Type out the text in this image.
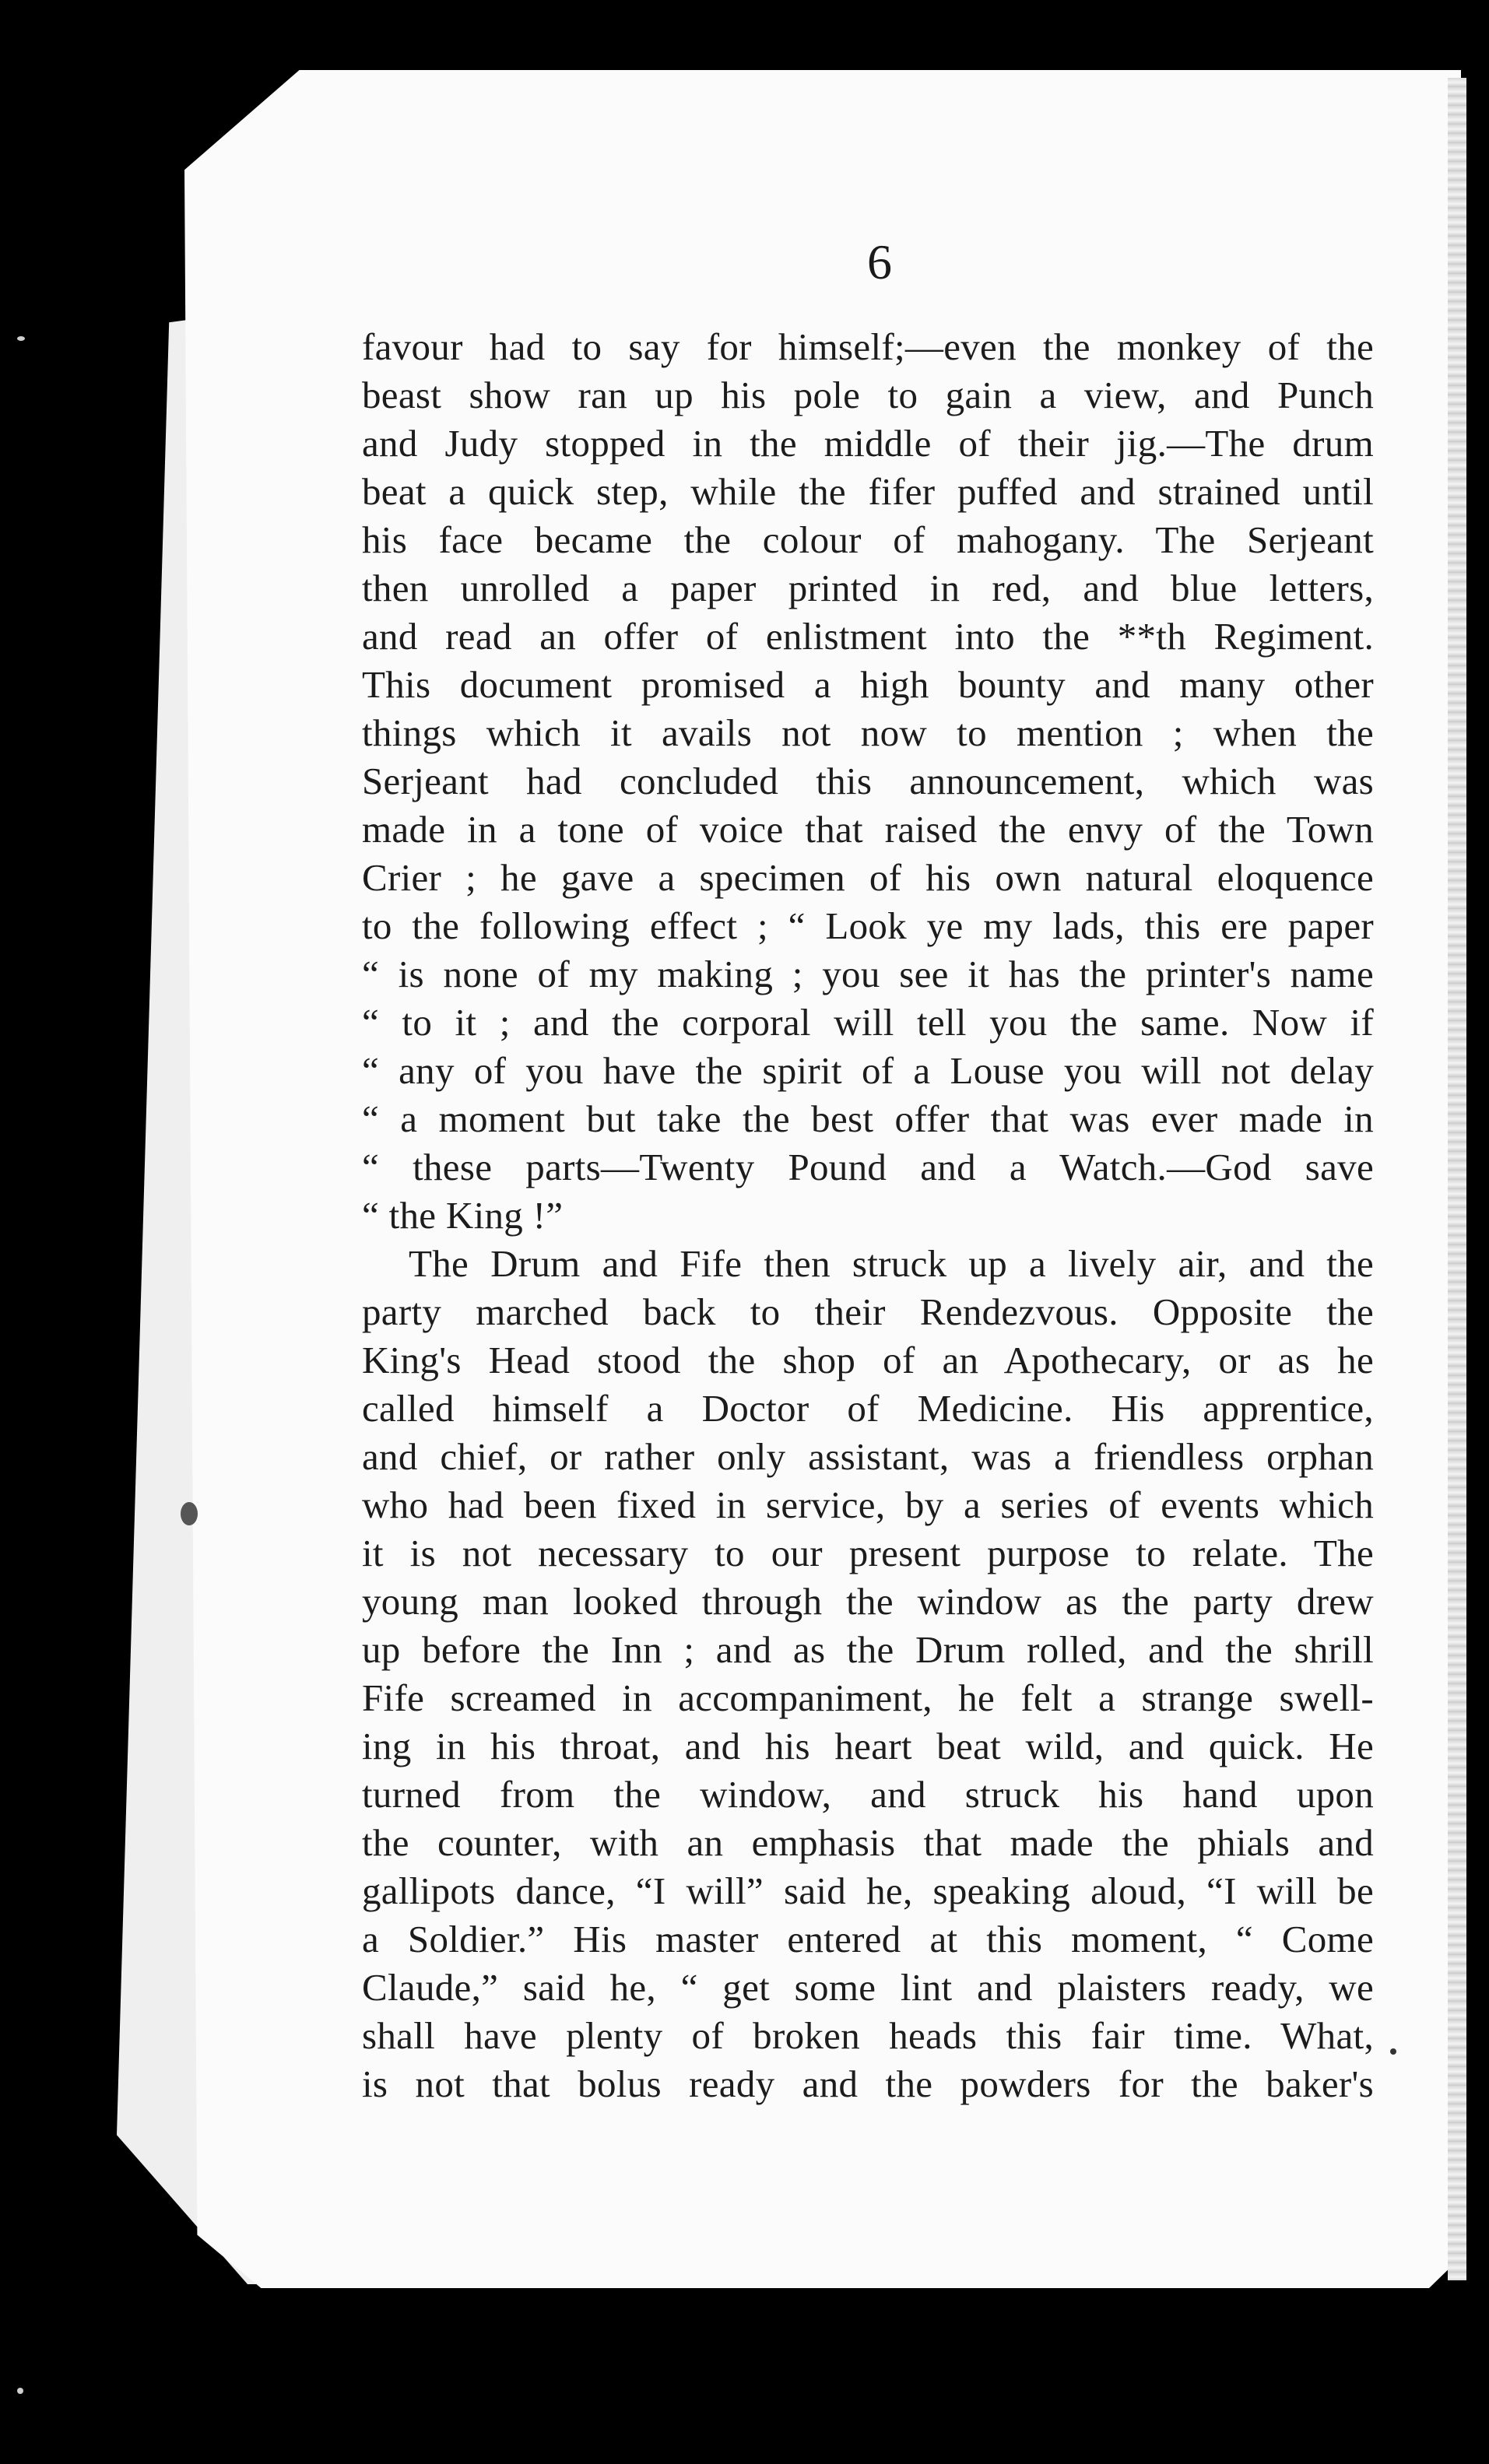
6
favour had to say for himself;—even the monkey of the
beast show ran up his pole to gain a view, and Punch
and Judy stopped in the middle of their jig.—The drum
beat a quick step, while the fifer puffed and strained until
his face became the colour of mahogany. The Serjeant
then unrolled a paper printed in red, and blue letters,
and read an offer of enlistment into the **th Regiment.
This document promised a high bounty and many other
things which it avails not now to mention ; when the
Serjeant had concluded this announcement, which was
made in a tone of voice that raised the envy of the Town
Crier ; he gave a specimen of his own natural eloquence
to the following effect ; “ Look ye my lads, this ere paper
“ is none of my making ; you see it has the printer's name
“ to it ; and the corporal will tell you the same. Now if
“ any of you have the spirit of a Louse you will not delay
“ a moment but take the best offer that was ever made in
“ these parts—Twenty Pound and a Watch.—God save
“ the King !”
The Drum and Fife then struck up a lively air, and the
party marched back to their Rendezvous. Opposite the
King's Head stood the shop of an Apothecary, or as he
called himself a Doctor of Medicine. His apprentice,
and chief, or rather only assistant, was a friendless orphan
who had been fixed in service, by a series of events which
it is not necessary to our present purpose to relate. The
young man looked through the window as the party drew
up before the Inn ; and as the Drum rolled, and the shrill
Fife screamed in accompaniment, he felt a strange swell-
ing in his throat, and his heart beat wild, and quick. He
turned from the window, and struck his hand upon
the counter, with an emphasis that made the phials and
gallipots dance, “I will” said he, speaking aloud, “I will be
a Soldier.” His master entered at this moment, “ Come
Claude,” said he, “ get some lint and plaisters ready, we
shall have plenty of broken heads this fair time. What,
is not that bolus ready and the powders for the baker's
